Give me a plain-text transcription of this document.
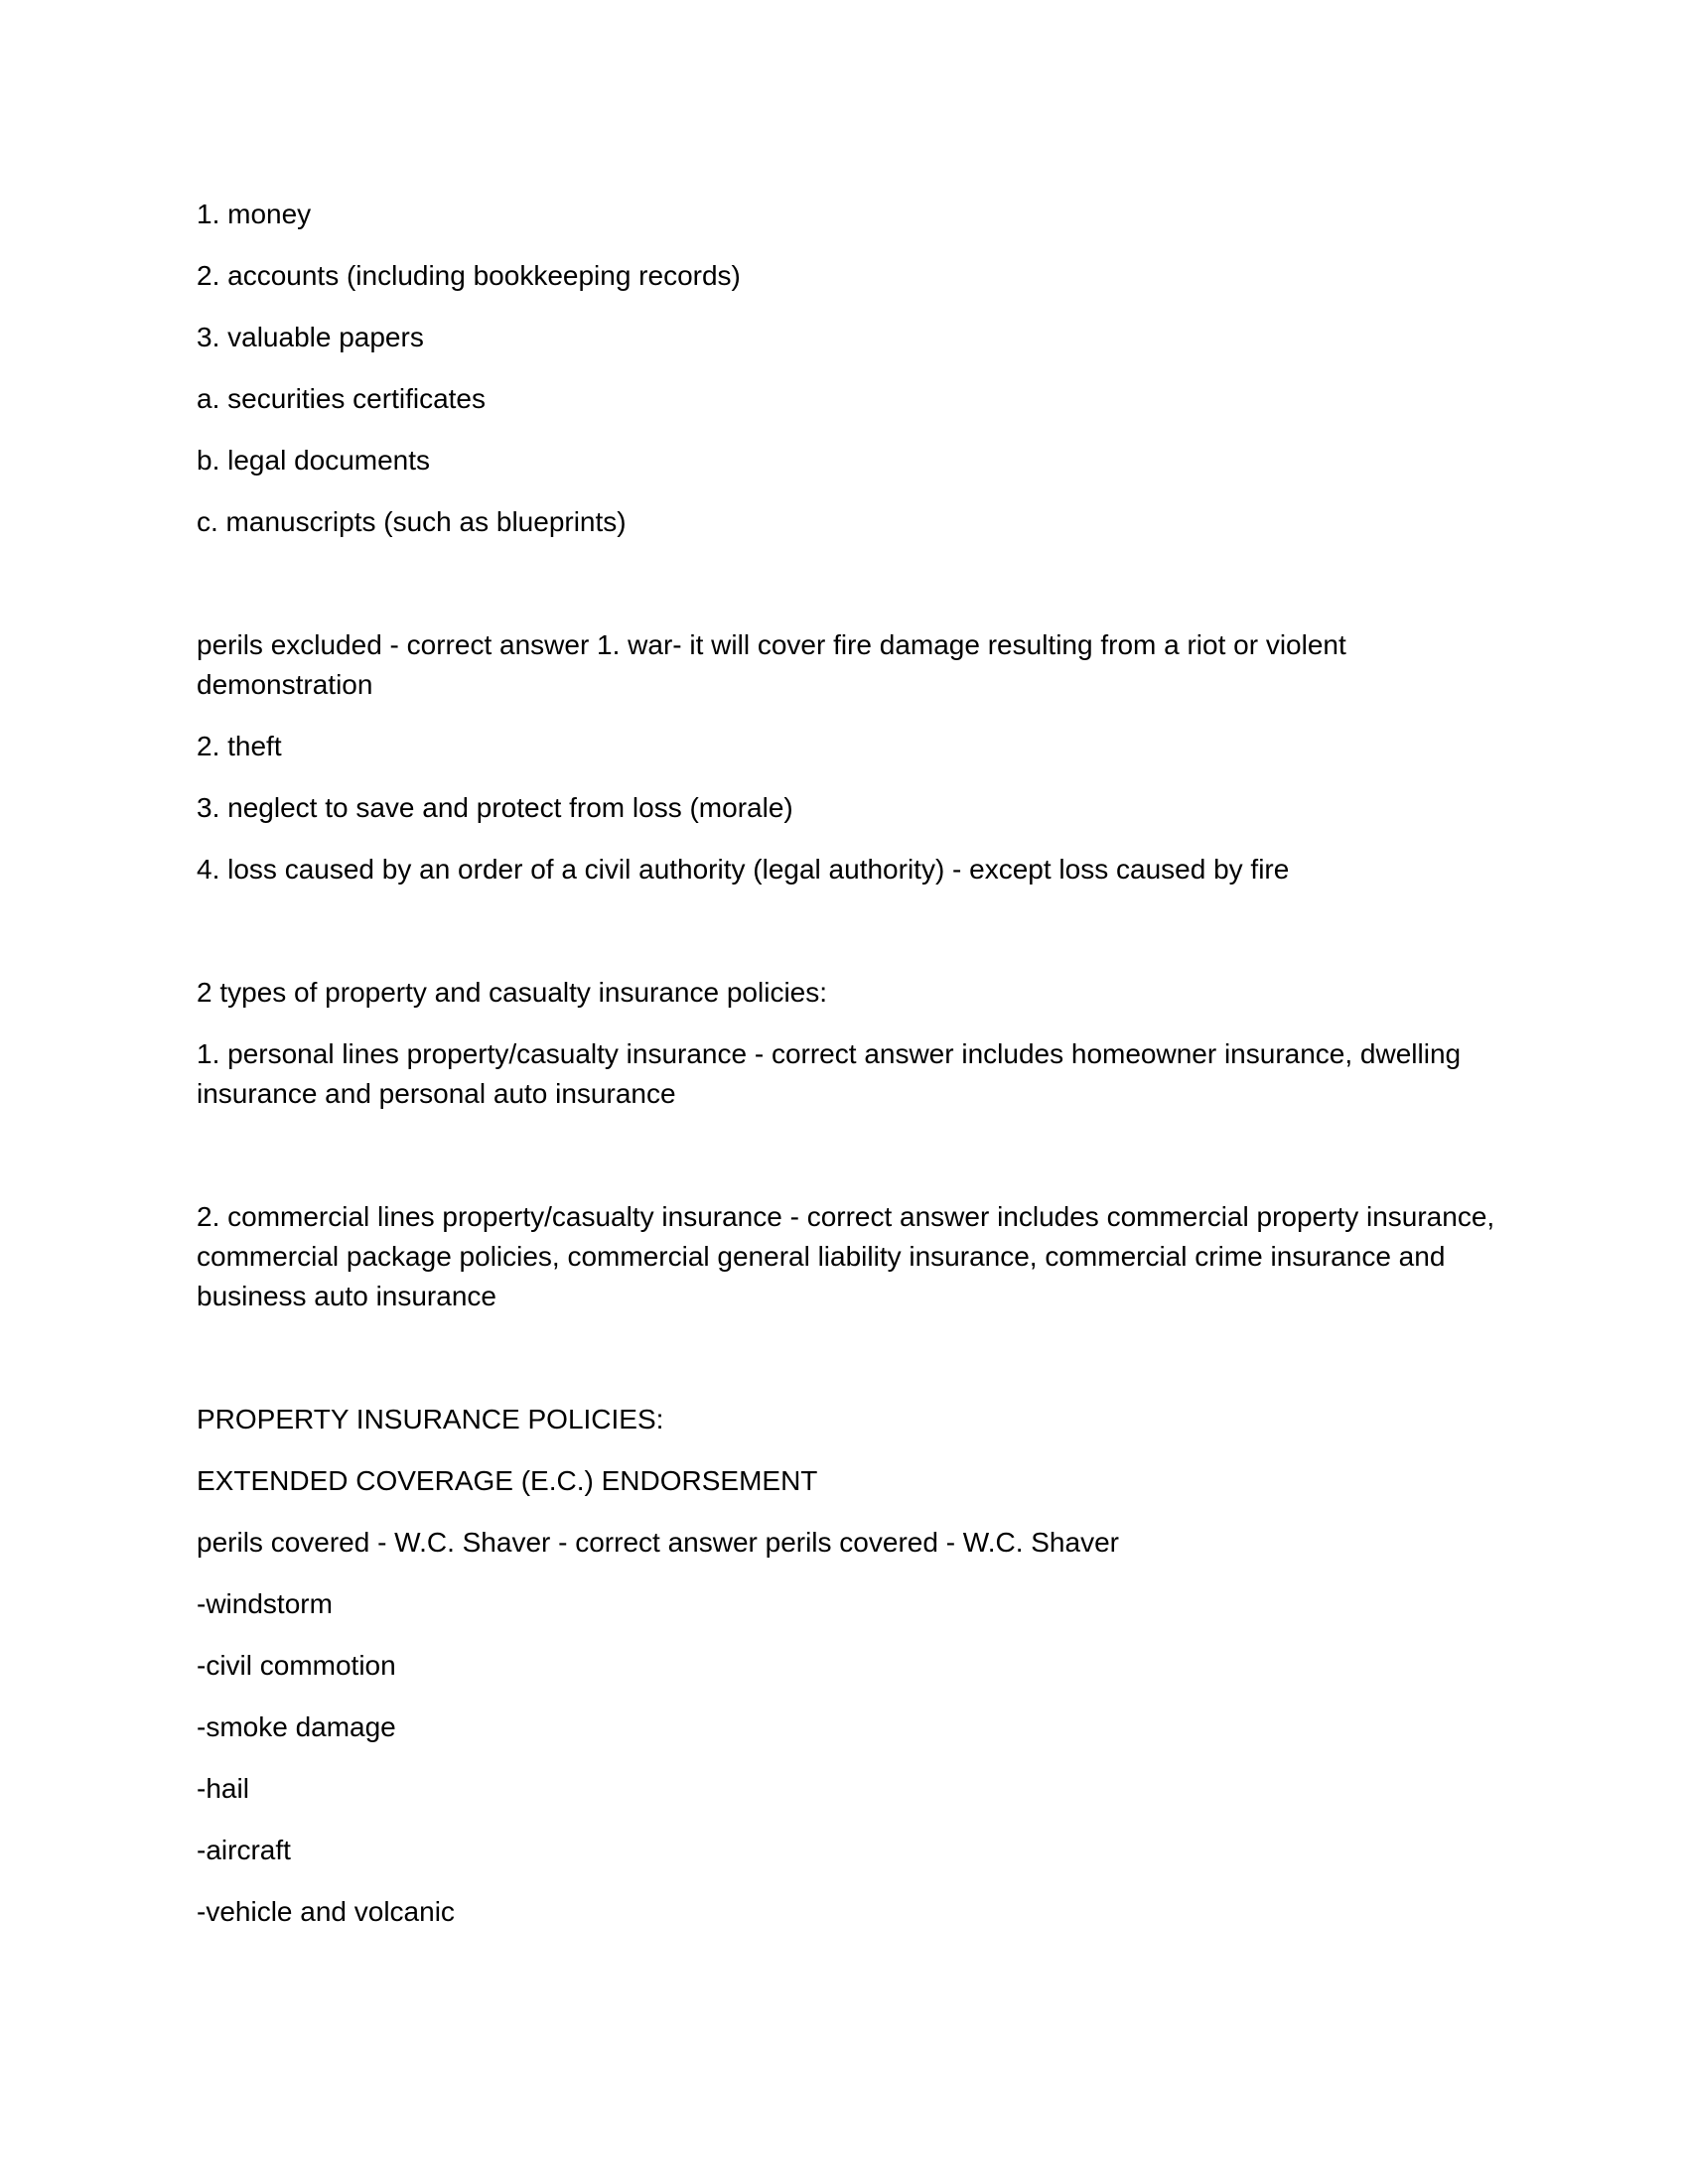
1. money

2. accounts (including bookkeeping records)

3. valuable papers

a. securities certificates

b. legal documents

c. manuscripts (such as blueprints)

perils excluded - correct answer 1. war- it will cover fire damage resulting from a riot or violent demonstration

2. theft

3. neglect to save and protect from loss (morale)

4. loss caused by an order of a civil authority (legal authority) - except loss caused by fire

2 types of property and casualty insurance policies:

1. personal lines property/casualty insurance - correct answer includes homeowner insurance, dwelling insurance and personal auto insurance

2. commercial lines property/casualty insurance - correct answer includes commercial property insurance, commercial package policies, commercial general liability insurance, commercial crime insurance and business auto insurance

PROPERTY INSURANCE POLICIES:

EXTENDED COVERAGE (E.C.) ENDORSEMENT

perils covered - W.C. Shaver - correct answer perils covered - W.C. Shaver

-windstorm

-civil commotion

-smoke damage

-hail

-aircraft

-vehicle and volcanic
